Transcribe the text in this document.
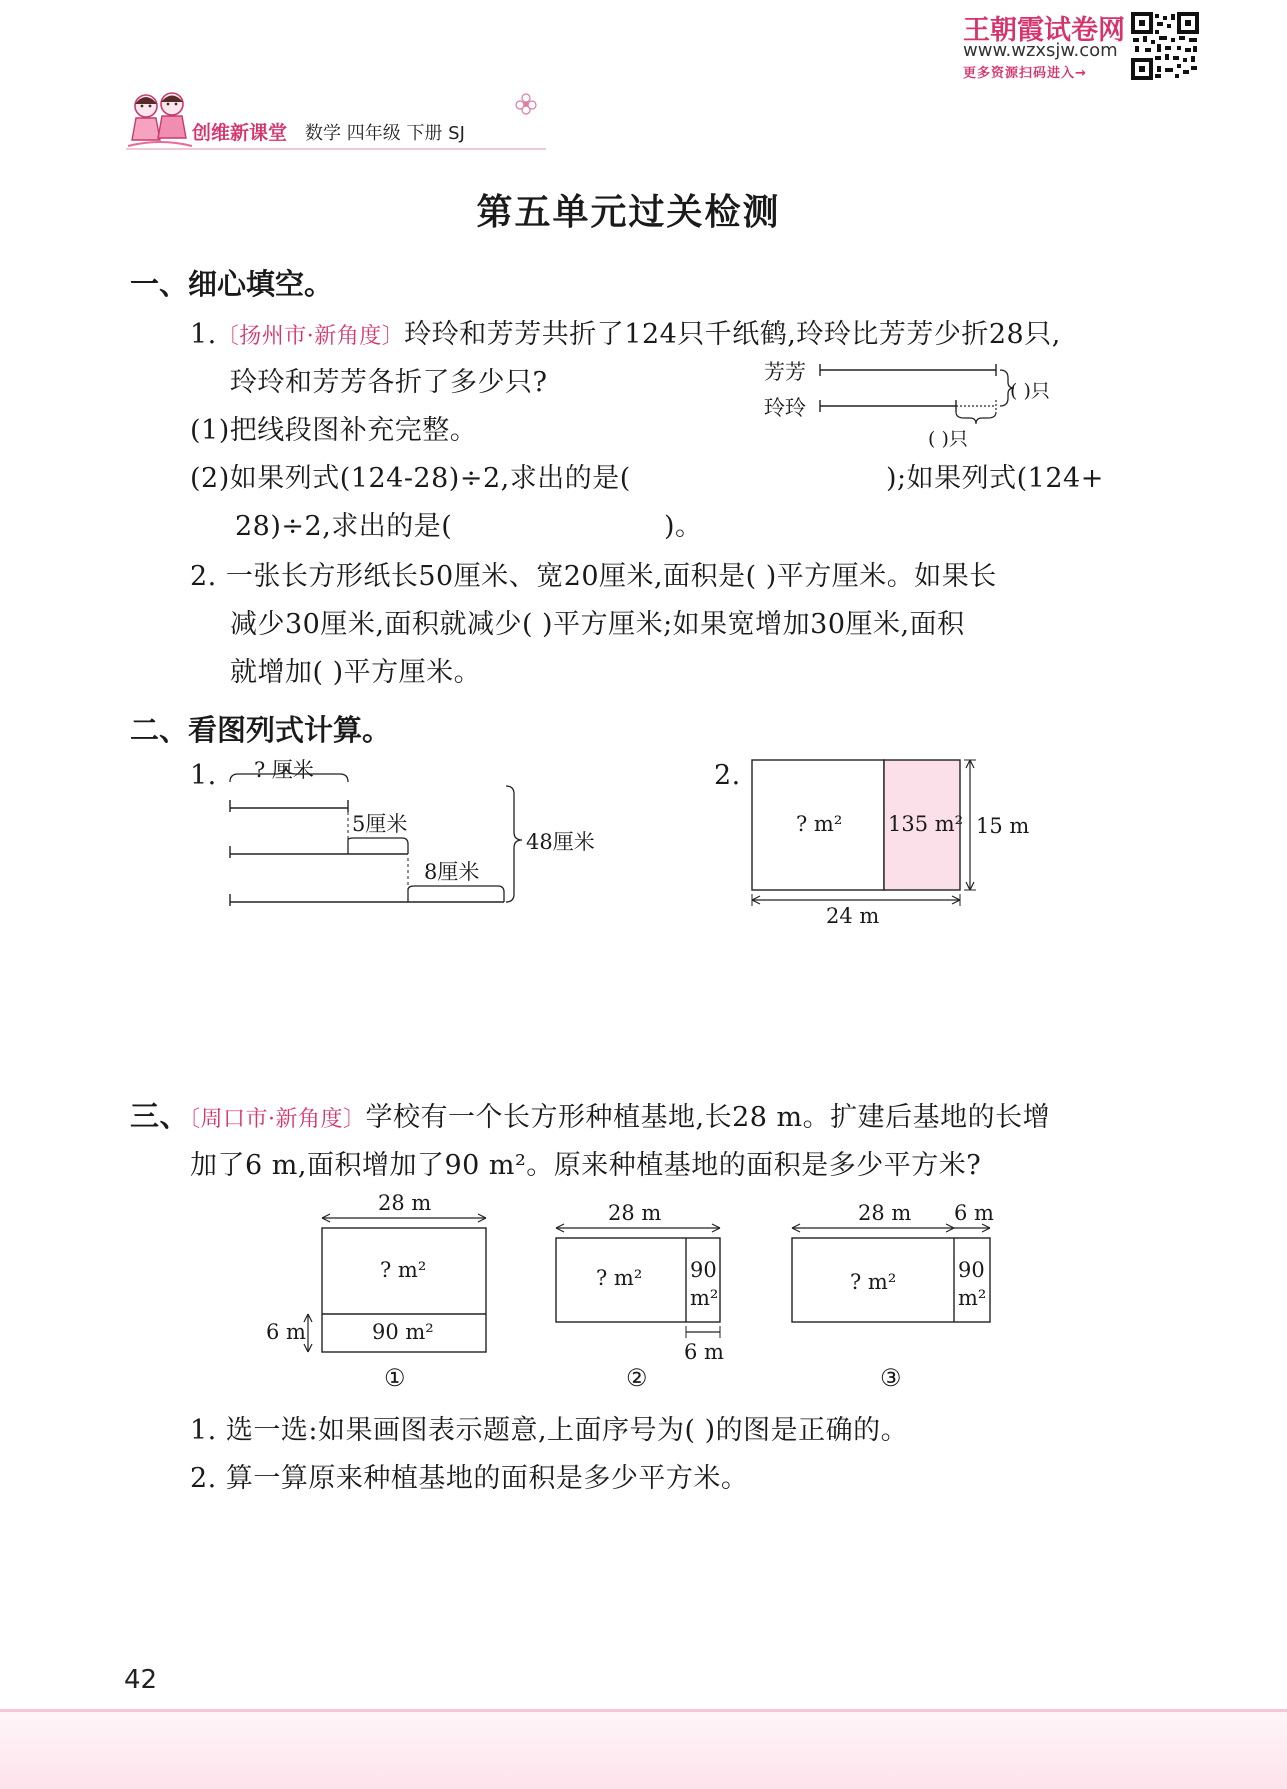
王朝霞试卷网
www.wzxsjw.com
更多资源扫码进入→
创维新课堂 数学 四年级 下册 SJ
第五单元过关检测
一、细心填空。
1.〔扬州市·新角度〕玲玲和芳芳共折了124只千纸鹤,玲玲比芳芳少折28只,
玲玲和芳芳各折了多少只?	芳芳
玲玲
( )只
( )只
(1)把线段图补充完整。
(2)如果列式(124-28)÷2,求出的是(	);如果列式(124+
28)÷2,求出的是(	)。
2. 一张长方形纸长50厘米、宽20厘米,面积是( )平方厘米。如果长
减少30厘米,面积就减少( )平方厘米;如果宽增加30厘米,面积
就增加( )平方厘米。
二、看图列式计算。
1. ? 厘米
5厘米
8厘米
48厘米
2.
? m² 135 m² 15 m
24 m
三、〔周口市·新角度〕学校有一个长方形种植基地,长28 m。扩建后基地的长增
加了6 m,面积增加了90 m²。原来种植基地的面积是多少平方米?
28 m
? m²
90 m²
6 m
①
28 m
? m² 90
m²
6 m
②
28 m 6 m
? m²	90
m²
③
1. 选一选:如果画图表示题意,上面序号为( )的图是正确的。
2. 算一算原来种植基地的面积是多少平方米。
42
